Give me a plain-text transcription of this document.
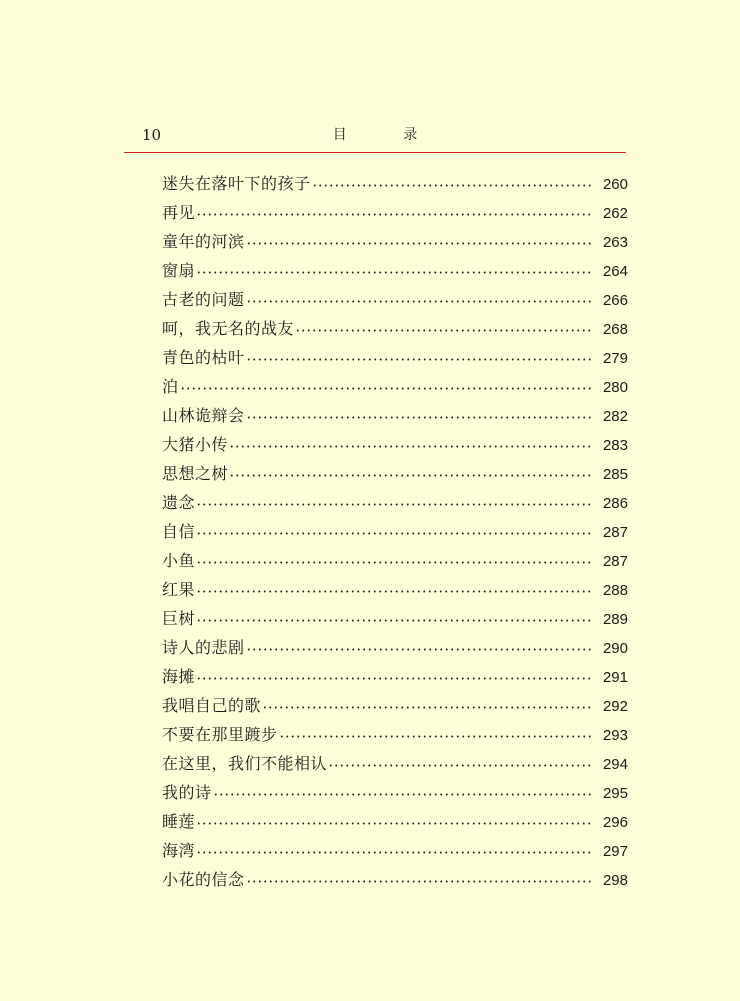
10	目 录
迷失在落叶下的孩子	260
再见	262
童年的河滨	263
窗扇	264
古老的问题	266
呵，我无名的战友	268
青色的枯叶	279
泊	280
山林诡辩会	282
大猪小传	283
思想之树	285
遗念	286
自信	287
小鱼	287
红果	288
巨树	289
诗人的悲剧	290
海摊	291
我唱自己的歌	292
不要在那里踱步	293
在这里，我们不能相认	294
我的诗	295
睡莲	296
海湾	297
小花的信念	298
